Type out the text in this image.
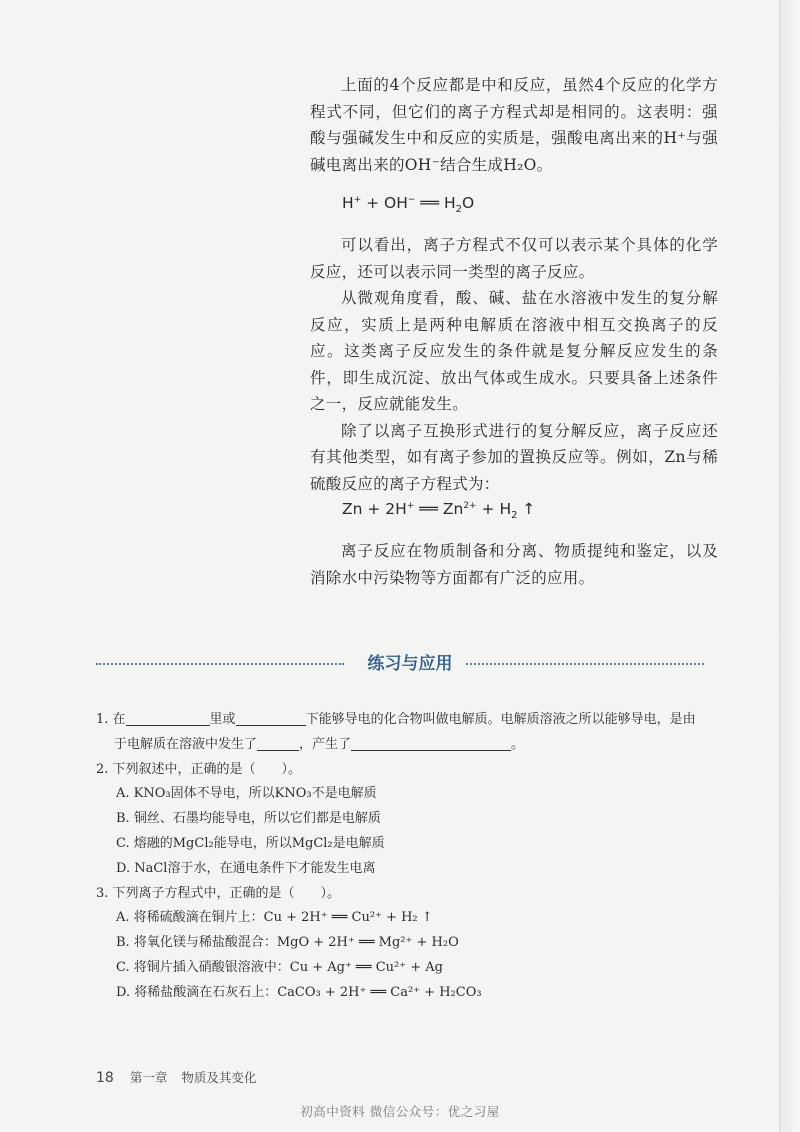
上面的4个反应都是中和反应，虽然4个反应的化学方程式不同，但它们的离子方程式却是相同的。这表明：强酸与强碱发生中和反应的实质是，强酸电离出来的H⁺与强碱电离出来的OH⁻结合生成H₂O。

H+ + OH− ══ $H_2O$

可以看出，离子方程式不仅可以表示某个具体的化学反应，还可以表示同一类型的离子反应。

从微观角度看，酸、碱、盐在水溶液中发生的复分解反应，实质上是两种电解质在溶液中相互交换离子的反应。这类离子反应发生的条件就是复分解反应发生的条件，即生成沉淀、放出气体或生成水。只要具备上述条件之一，反应就能发生。

除了以离子互换形式进行的复分解反应，离子反应还有其他类型，如有离子参加的置换反应等。例如，Zn与稀硫酸反应的离子方程式为：

Zn + 2H+ ══ $Zn^{2+} + H_2$ ↑

离子反应在物质制备和分离、物质提纯和鉴定，以及消除水中污染物等方面都有广泛的应用。

练习与应用
1. 在	里或	下能够导电的化合物叫做电解质。电解质溶液之所以能够导电，是由
于电解质在溶液中发生了	，产生了	。
2. 下列叙述中，正确的是（　　）。
A. KNO₃固体不导电，所以KNO₃不是电解质
B. 铜丝、石墨均能导电，所以它们都是电解质
C. 熔融的MgCl₂能导电，所以MgCl₂是电解质
D. NaCl溶于水，在通电条件下才能发生电离
3. 下列离子方程式中，正确的是（　　）。
A. 将稀硫酸滴在铜片上：Cu + 2H⁺ ══ Cu²⁺ + H₂ ↑
B. 将氧化镁与稀盐酸混合：MgO + 2H⁺ ══ Mg²⁺ + H₂O
C. 将铜片插入硝酸银溶液中：Cu + Ag⁺ ══ Cu²⁺ + Ag
D. 将稀盐酸滴在石灰石上：CaCO₃ + 2H⁺ ══ Ca²⁺ + H₂CO₃
18 第一章 物质及其变化
初高中资料 微信公众号：优之习屋
